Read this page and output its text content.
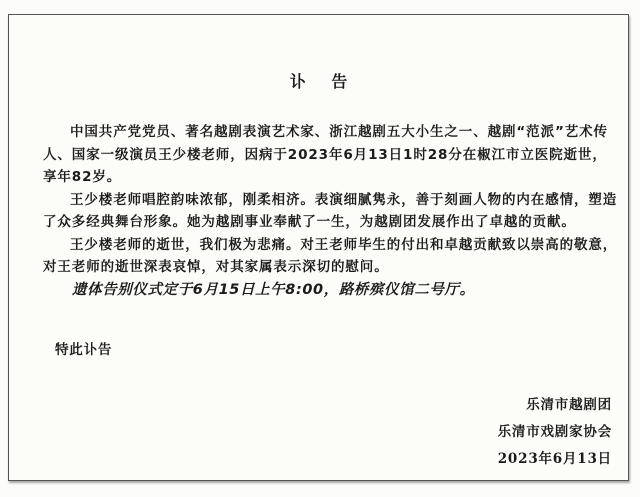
讣 告

中国共产党党员、著名越剧表演艺术家、浙江越剧五大小生之一、越剧“范派”艺术传人、国家一级演员王少楼老师，因病于2023年6月13日1时28分在椒江市立医院逝世，享年82岁。

王少楼老师唱腔韵味浓郁，刚柔相济。表演细腻隽永，善于刻画人物的内在感情，塑造了众多经典舞台形象。她为越剧事业奉献了一生，为越剧团发展作出了卓越的贡献。

王少楼老师的逝世，我们极为悲痛。对王老师毕生的付出和卓越贡献致以崇高的敬意，对王老师的逝世深表哀悼，对其家属表示深切的慰问。

遗体告别仪式定于6月15日上午8:00，路桥殡仪馆二号厅。

特此讣告
乐清市越剧团
乐清市戏剧家协会
2023年6月13日
